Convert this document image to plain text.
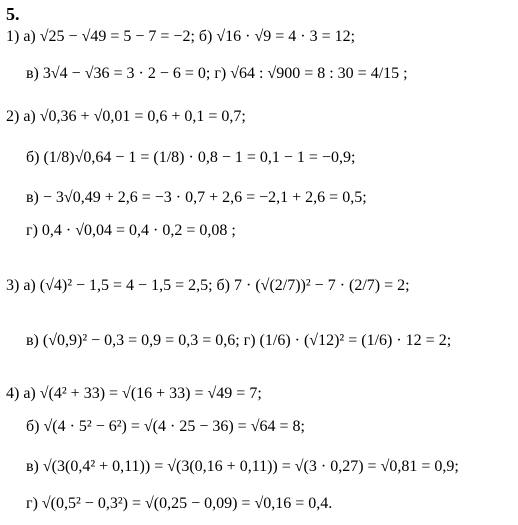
5.
1) а) √25 − √49 = 5 − 7 = −2; б) √16 · √9 = 4 · 3 = 12;
в) 3√4 − √36 = 3 · 2 − 6 = 0; г) √64 : √900 = 8 : 30 = 4/15 ;
2) а) √0,36 + √0,01 = 0,6 + 0,1 = 0,7;
б) (1/8)√0,64 − 1 = (1/8) · 0,8 − 1 = 0,1 − 1 = −0,9;
в) − 3√0,49 + 2,6 = −3 · 0,7 + 2,6 = −2,1 + 2,6 = 0,5;
г) 0,4 · √0,04 = 0,4 · 0,2 = 0,08 ;
3) а) (√4)² − 1,5 = 4 − 1,5 = 2,5; б) 7 · (√(2/7))² − 7 · (2/7) = 2;
в) (√0,9)² − 0,3 = 0,9 = 0,3 = 0,6; г) (1/6) · (√12)² = (1/6) · 12 = 2;
4) а) √(4² + 33) = √(16 + 33) = √49 = 7;
б) √(4 · 5² − 6²) = √(4 · 25 − 36) = √64 = 8;
в) √(3(0,4² + 0,11)) = √(3(0,16 + 0,11)) = √(3 · 0,27) = √0,81 = 0,9;
г) √(0,5² − 0,3²) = √(0,25 − 0,09) = √0,16 = 0,4.
